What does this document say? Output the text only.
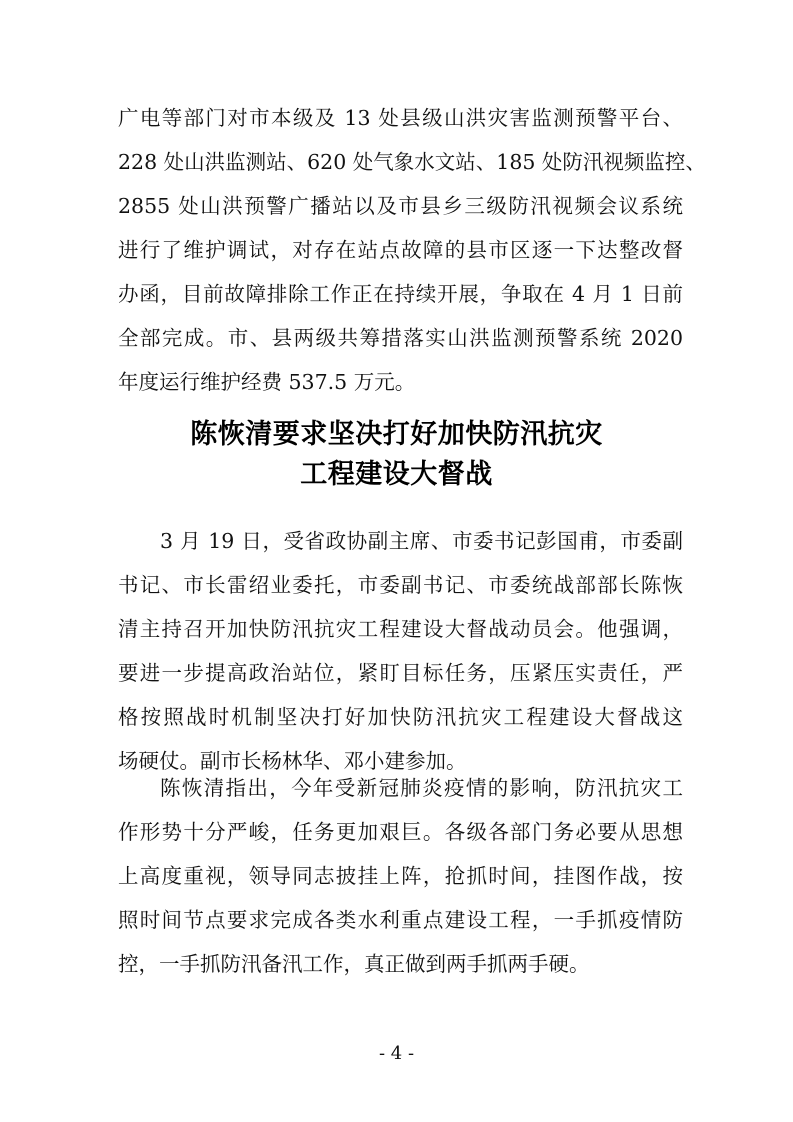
广电等部门对市本级及 13 处县级山洪灾害监测预警平台、
228 处山洪监测站、620 处气象水文站、185 处防汛视频监控、
2855 处山洪预警广播站以及市县乡三级防汛视频会议系统
进行了维护调试，对存在站点故障的县市区逐一下达整改督
办函，目前故障排除工作正在持续开展，争取在 4 月 1 日前
全部完成。市、县两级共筹措落实山洪监测预警系统 2020
年度运行维护经费 537.5 万元。
陈恢清要求坚决打好加快防汛抗灾
工程建设大督战
3 月 19 日，受省政协副主席、市委书记彭国甫，市委副
书记、市长雷绍业委托，市委副书记、市委统战部部长陈恢
清主持召开加快防汛抗灾工程建设大督战动员会。他强调，
要进一步提高政治站位，紧盯目标任务，压紧压实责任，严
格按照战时机制坚决打好加快防汛抗灾工程建设大督战这
场硬仗。副市长杨林华、邓小建参加。
陈恢清指出，今年受新冠肺炎疫情的影响，防汛抗灾工
作形势十分严峻，任务更加艰巨。各级各部门务必要从思想
上高度重视，领导同志披挂上阵，抢抓时间，挂图作战，按
照时间节点要求完成各类水利重点建设工程，一手抓疫情防
控，一手抓防汛备汛工作，真正做到两手抓两手硬。
- 4 -
